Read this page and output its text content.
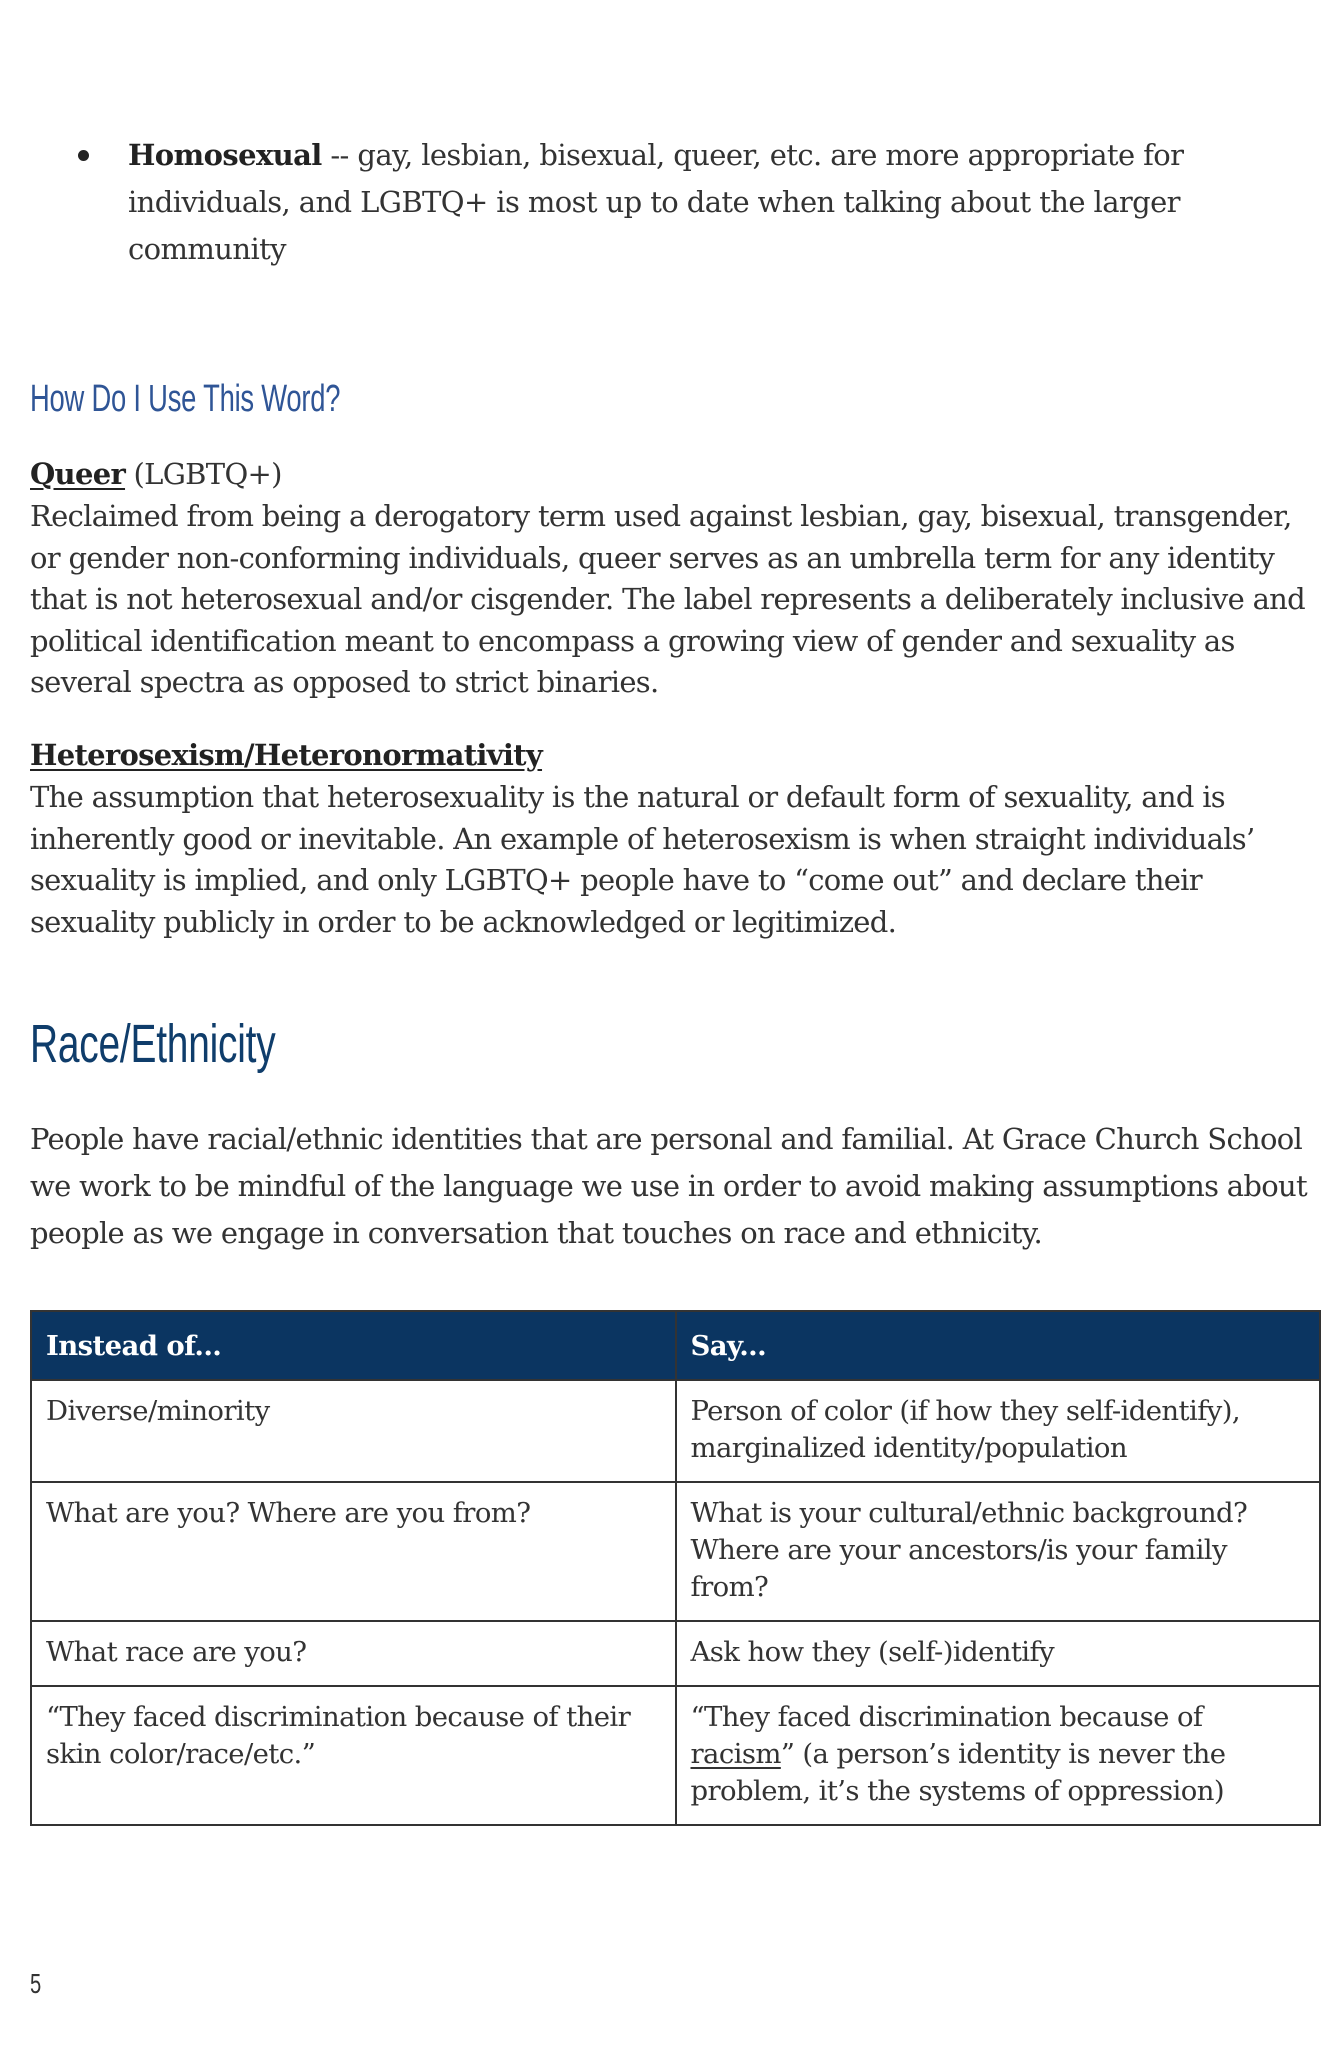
Homosexual -- gay, lesbian, bisexual, queer, etc. are more appropriate for individuals, and LGBTQ+ is most up to date when talking about the larger community
How Do I Use This Word?
Queer (LGBTQ+)
Reclaimed from being a derogatory term used against lesbian, gay, bisexual, transgender, or gender non-conforming individuals, queer serves as an umbrella term for any identity that is not heterosexual and/or cisgender. The label represents a deliberately inclusive and political identification meant to encompass a growing view of gender and sexuality as several spectra as opposed to strict binaries.
Heterosexism/Heteronormativity
The assumption that heterosexuality is the natural or default form of sexuality, and is inherently good or inevitable. An example of heterosexism is when straight individuals’ sexuality is implied, and only LGBTQ+ people have to “come out” and declare their sexuality publicly in order to be acknowledged or legitimized.
Race/Ethnicity
People have racial/ethnic identities that are personal and familial. At Grace Church School we work to be mindful of the language we use in order to avoid making assumptions about people as we engage in conversation that touches on race and ethnicity.
Instead of...	Say...
Diverse/minority	Person of color (if how they self-identify), marginalized identity/population
What are you? Where are you from?	What is your cultural/ethnic background? Where are your ancestors/is your family from?
What race are you?	Ask how they (self-)identify
“They faced discrimination because of their skin color/race/etc.”	“They faced discrimination because of racism” (a person’s identity is never the problem, it’s the systems of oppression)
5
